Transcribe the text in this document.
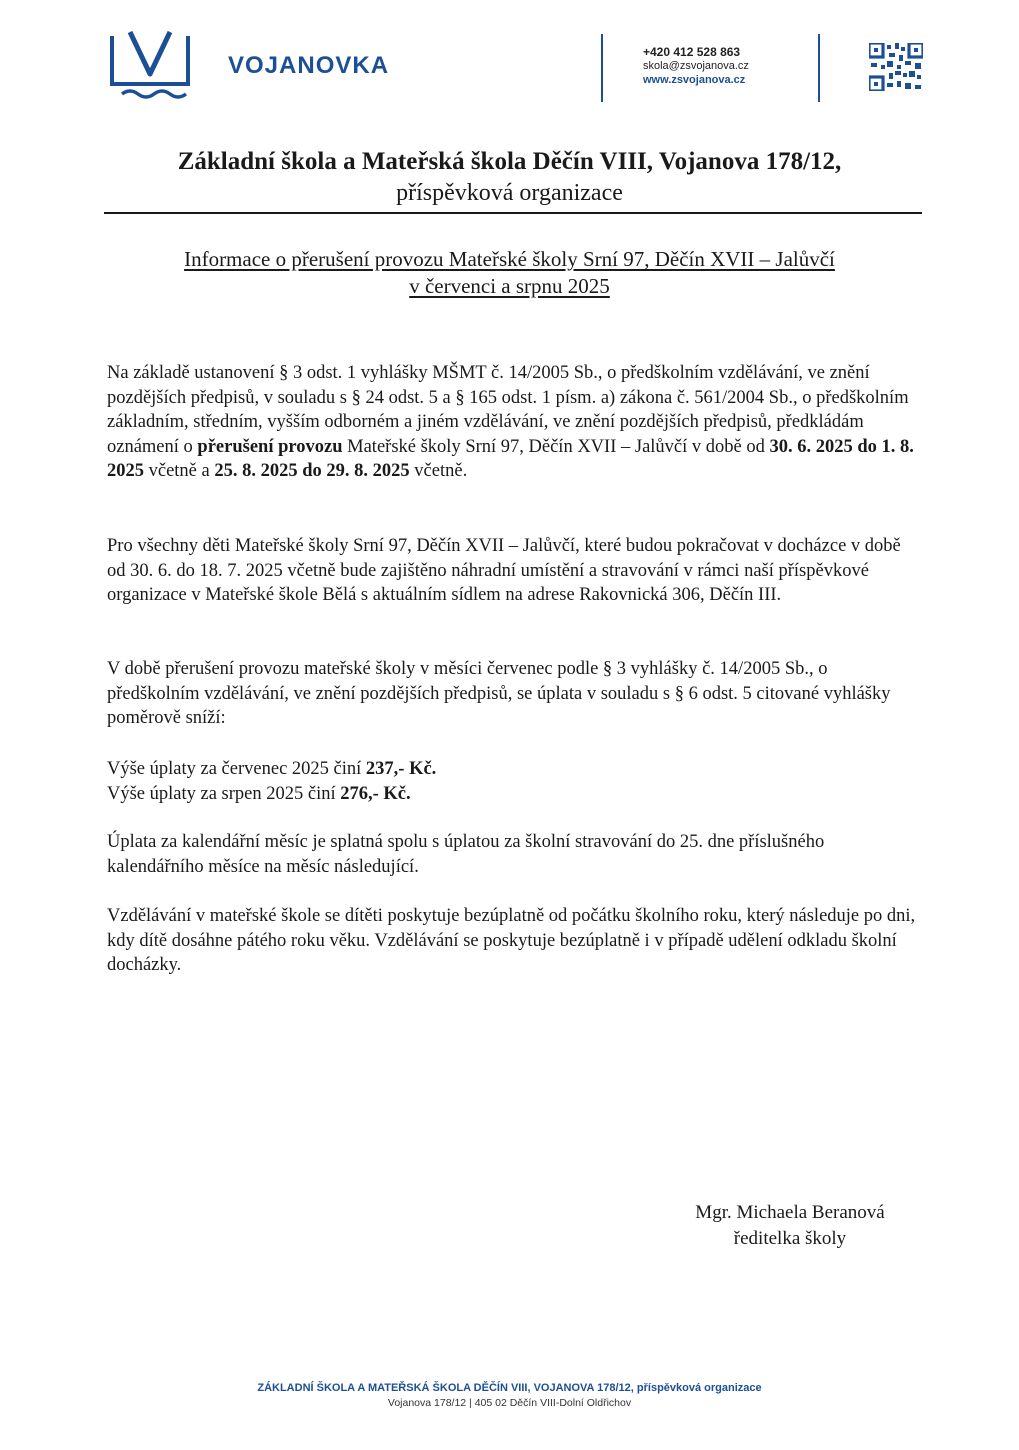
VOJANOVKA	+420 412 528 863
skola@zsvojanova.cz
www.zsvojanova.cz
Základní škola a Mateřská škola Děčín VIII, Vojanova 178/12,
příspěvková organizace
Informace o přerušení provozu Mateřské školy Srní 97, Děčín XVII – Jalůvčí
v červenci a srpnu 2025

Na základě ustanovení § 3 odst. 1 vyhlášky MŠMT č. 14/2005 Sb., o předškolním vzdělávání, ve znění pozdějších předpisů, v souladu s § 24 odst. 5 a § 165 odst. 1 písm. a) zákona č. 561/2004 Sb., o předškolním základním, středním, vyšším odborném a jiném vzdělávání, ve znění pozdějších předpisů, předkládám oznámení o přerušení provozu Mateřské školy Srní 97, Děčín XVII – Jalůvčí v době od 30. 6. 2025 do 1. 8. 2025 včetně a 25. 8. 2025 do 29. 8. 2025 včetně.

Pro všechny děti Mateřské školy Srní 97, Děčín XVII – Jalůvčí, které budou pokračovat v docházce v době od 30. 6. do 18. 7. 2025 včetně bude zajištěno náhradní umístění a stravování v rámci naší příspěvkové organizace v Mateřské škole Bělá s aktuálním sídlem na adrese Rakovnická 306, Děčín III.

V době přerušení provozu mateřské školy v měsíci červenec podle § 3 vyhlášky č. 14/2005 Sb., o předškolním vzdělávání, ve znění pozdějších předpisů, se úplata v souladu s § 6 odst. 5 citované vyhlášky poměrově sníží:

Výše úplaty za červenec 2025 činí 237,- Kč.
Výše úplaty za srpen 2025 činí 276,- Kč.

Úplata za kalendářní měsíc je splatná spolu s úplatou za školní stravování do 25. dne příslušného kalendářního měsíce na měsíc následující.

Vzdělávání v mateřské škole se dítěti poskytuje bezúplatně od počátku školního roku, který následuje po dni, kdy dítě dosáhne pátého roku věku. Vzdělávání se poskytuje bezúplatně i v případě udělení odkladu školní docházky.

Mgr. Michaela Beranová
ředitelka školy
ZÁKLADNÍ ŠKOLA A MATEŘSKÁ ŠKOLA DĚČÍN VIII, VOJANOVA 178/12, příspěvková organizace
Vojanova 178/12 | 405 02 Děčín VIII-Dolní Oldřichov
